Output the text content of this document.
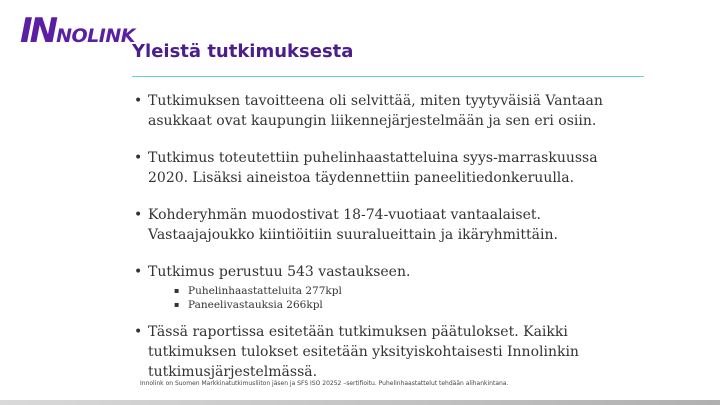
IN NOLINK
Yleistä tutkimuksesta
• Tutkimuksen tavoitteena oli selvittää, miten tyytyväisiä Vantaan asukkaat ovat kaupungin liikennejärjestelmään ja sen eri osiin.
• Tutkimus toteutettiin puhelinhaastatteluina syys-marraskuussa 2020. Lisäksi aineistoa täydennettiin paneelitiedonkeruulla.
• Kohderyhmän muodostivat 18-74-vuotiaat vantaalaiset. Vastaajajoukko kiintiöitiin suuralueittain ja ikäryhmittäin.
• Tutkimus perustuu 543 vastaukseen.
▪ Puhelinhaastatteluita 277kpl
▪ Paneelivastauksia 266kpl
• Tässä raportissa esitetään tutkimuksen päätulokset. Kaikki tutkimuksen tulokset esitetään yksityiskohtaisesti Innolinkin tutkimusjärjestelmässä.
Innolink on Suomen Markkinatutkimusliiton jäsen ja SFS ISO 20252 –sertifioitu. Puhelinhaastattelut tehdään alihankintana.
